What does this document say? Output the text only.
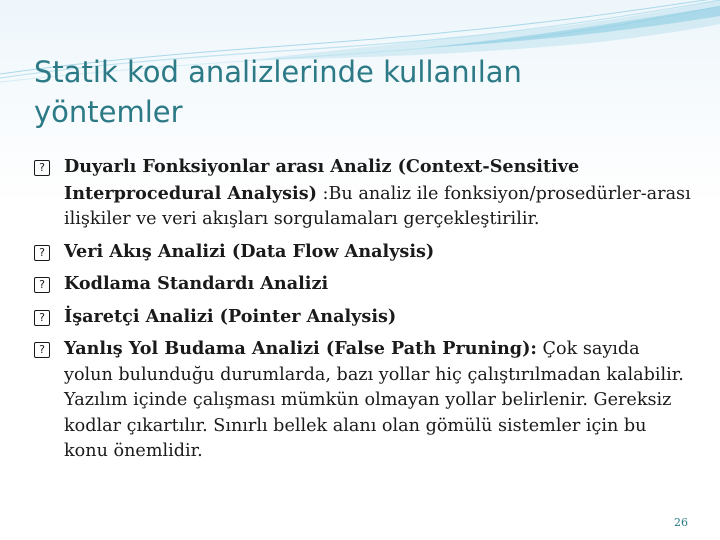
Statik kod analizlerinde kullanılan yöntemler

? Duyarlı Fonksiyonlar arası Analiz (Context-Sensitive Interprocedural Analysis) :Bu analiz ile fonksiyon/prosedürler-arası ilişkiler ve veri akışları sorgulamaları gerçekleştirilir.

? Veri Akış Analizi (Data Flow Analysis)

? Kodlama Standardı Analizi

? İşaretçi Analizi (Pointer Analysis)

? Yanlış Yol Budama Analizi (False Path Pruning): Çok sayıda yolun bulunduğu durumlarda, bazı yollar hiç çalıştırılmadan kalabilir. Yazılım içinde çalışması mümkün olmayan yollar belirlenir. Gereksiz kodlar çıkartılır. Sınırlı bellek alanı olan gömülü sistemler için bu konu önemlidir.

26
